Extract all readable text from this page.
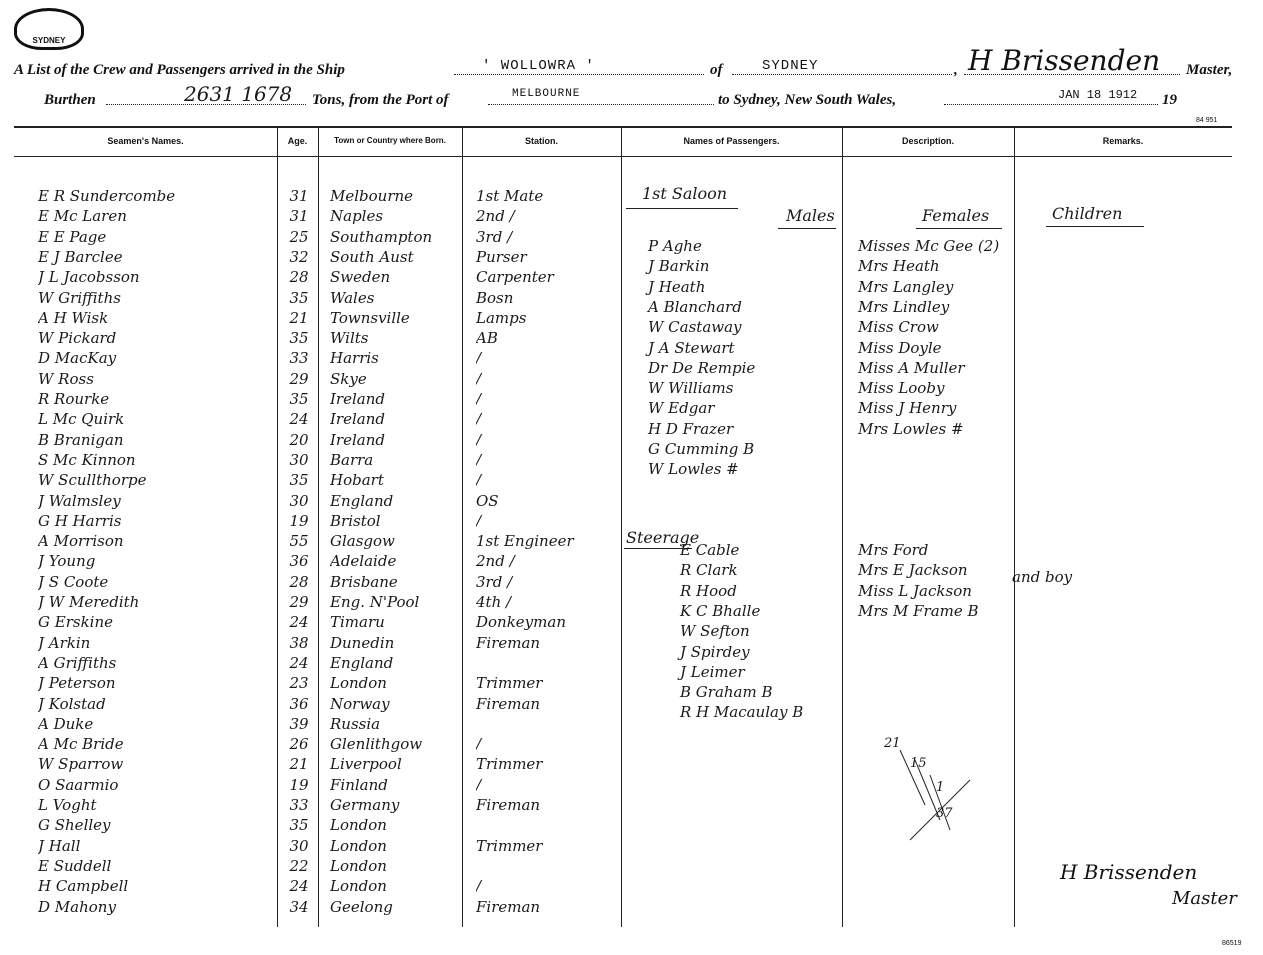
SYDNEY
A List of the Crew and Passengers arrived in the Ship	' WOLLOWRA '	of	SYDNEY	, H Brissenden Master,
Burthen	2631 1678 Tons, from the Port of	MELBOURNE	to Sydney, New South Wales,	JAN 18 1912 19
84 951
Seamen's Names.	Age.	Town or Country where Born.	Station.	Names of Passengers.	Description.	Remarks.
E R Sundercombe	31	Melbourne	1st Mate
E Mc Laren	31	Naples	2nd /
E E Page	25	Southampton	3rd /
E J Barclee	32	South Aust	Purser
J L Jacobsson	28	Sweden	Carpenter
W Griffiths	35	Wales	Bosn
A H Wisk	21	Townsville	Lamps
W Pickard	35	Wilts	AB
D MacKay	33	Harris	/
W Ross	29	Skye	/
R Rourke	35	Ireland	/
L Mc Quirk	24	Ireland	/
B Branigan	20	Ireland	/
S Mc Kinnon	30	Barra	/
W Scullthorpe	35	Hobart	/
J Walmsley	30	England	OS
G H Harris	19	Bristol	/
A Morrison	55	Glasgow	1st Engineer
J Young	36	Adelaide	2nd /
J S Coote	28	Brisbane	3rd /
J W Meredith	29	Eng. N'Pool	4th /
G Erskine	24	Timaru	Donkeyman
J Arkin	38	Dunedin	Fireman
A Griffiths	24	England
J Peterson	23	London	Trimmer
J Kolstad	36	Norway	Fireman
A Duke	39	Russia
A Mc Bride	26	Glenlithgow	/
W Sparrow	21	Liverpool	Trimmer
O Saarmio	19	Finland	/
L Voght	33	Germany	Fireman
G Shelley	35	London
J Hall	30	London	Trimmer
E Suddell	22	London
H Campbell	24	London	/
D Mahony	34	Geelong	Fireman
1st Saloon
Males	Females	Children
P Aghe
J Barkin
J Heath
A Blanchard
W Castaway
J A Stewart
Dr De Rempie
W Williams
W Edgar
H D Frazer
G Cumming B
W Lowles #
Misses Mc Gee (2)
Mrs Heath
Mrs Langley
Mrs Lindley
Miss Crow
Miss Doyle
Miss A Muller
Miss Looby
Miss J Henry
Mrs Lowles #
Steerage
E Cable
R Clark
R Hood
K C Bhalle
W Sefton
J Spirdey
J Leimer
B Graham B
R H Macaulay B
Mrs Ford
Mrs E Jackson
Miss L Jackson
Mrs M Frame B
and boy
21
15
1
37
H Brissenden
Master
86519
